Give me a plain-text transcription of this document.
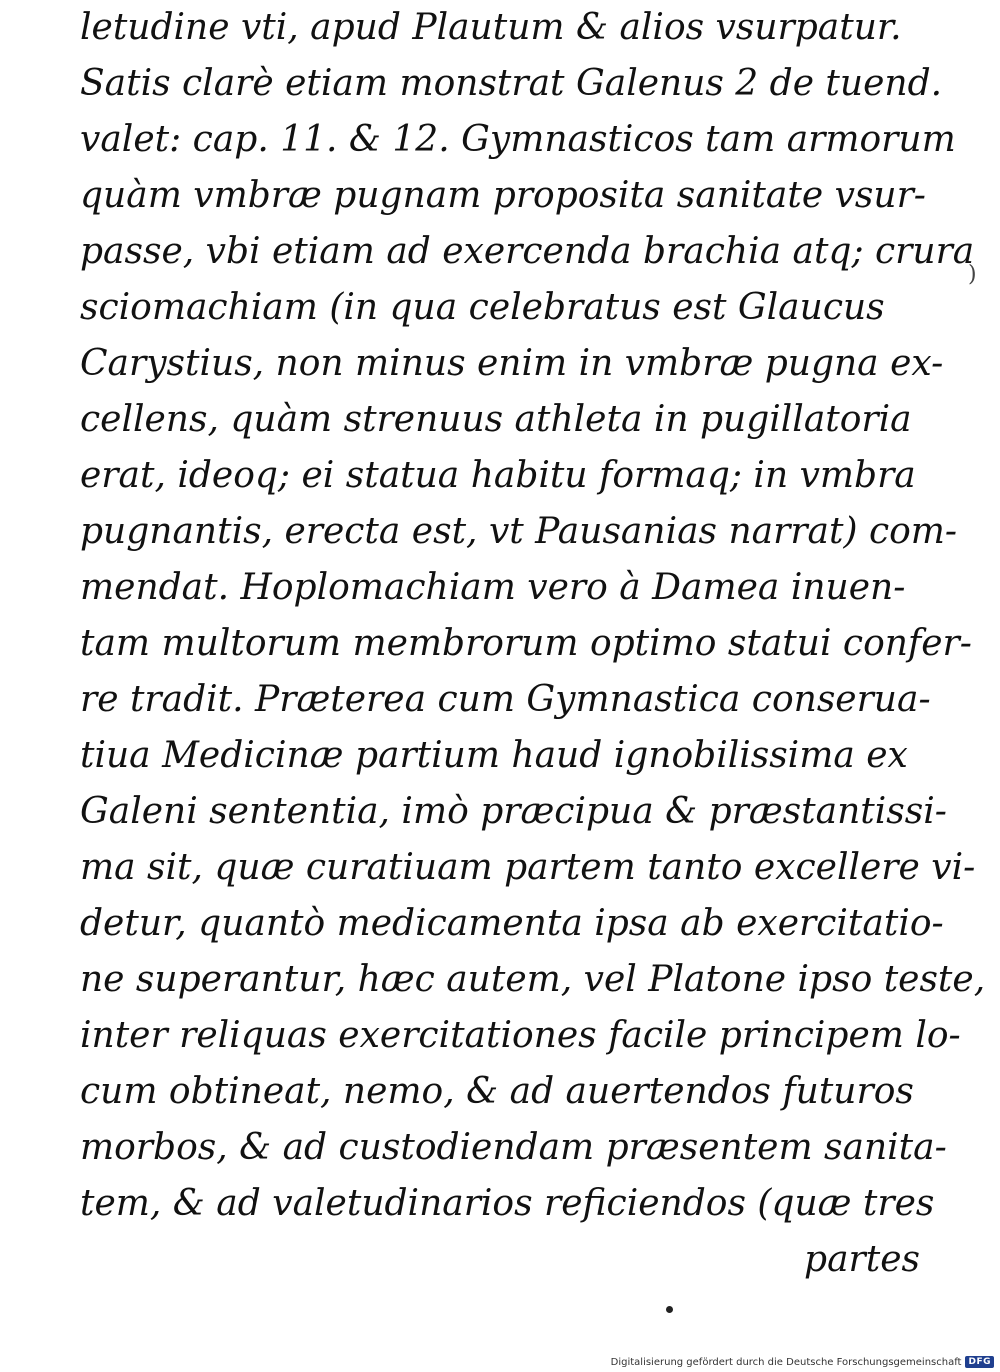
letudine vti, apud Plautum & alios vsurpatur.
Satis clarè etiam monstrat Galenus 2 de tuend.
valet: cap. 11. & 12. Gymnasticos tam armorum
quàm vmbræ pugnam proposita sanitate vsur-
passe, vbi etiam ad exercenda brachia atq; crura
sciomachiam (in qua celebratus est Glaucus
Carystius, non minus enim in vmbræ pugna ex-
cellens, quàm strenuus athleta in pugillatoria
erat, ideoq; ei statua habitu formaq; in vmbra
pugnantis, erecta est, vt Pausanias narrat) com-
mendat. Hoplomachiam vero à Damea inuen-
tam multorum membrorum optimo statui confer-
re tradit. Præterea cum Gymnastica conserua-
tiua Medicinæ partium haud ignobilissima ex
Galeni sententia, imò præcipua & præstantissi-
ma sit, quæ curatiuam partem tanto excellere vi-
detur, quantò medicamenta ipsa ab exercitatio-
ne superantur, hæc autem, vel Platone ipso teste,
inter reliquas exercitationes facile principem lo-
cum obtineat, nemo, & ad auertendos futuros
morbos, & ad custodiendam præsentem sanita-
tem, & ad valetudinarios reficiendos (quæ tres
partes
)
Digitalisierung gefördert durch die Deutsche Forschungsgemeinschaft DFG
